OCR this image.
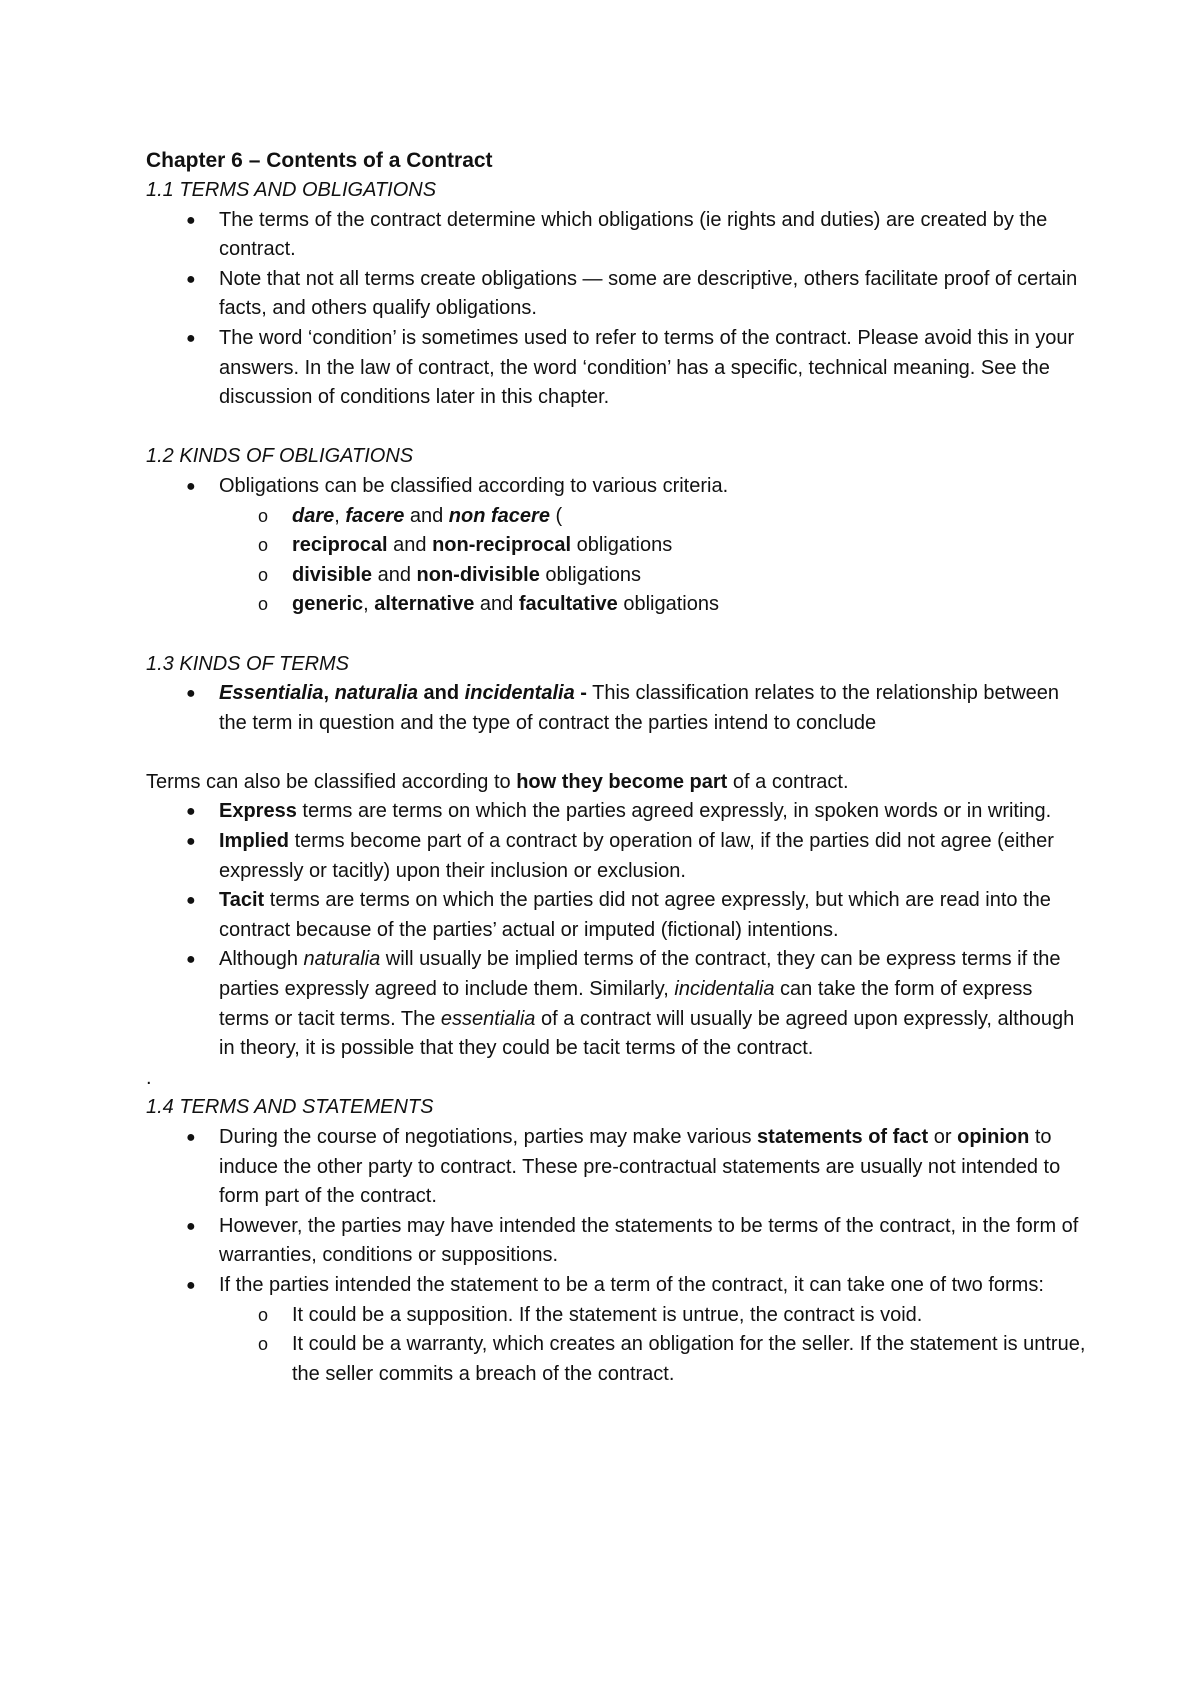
Chapter 6 – Contents of a Contract

1.1 TERMS AND OBLIGATIONS

● The terms of the contract determine which obligations (ie rights and duties) are created by the contract.
● Note that not all terms create obligations — some are descriptive, others facilitate proof of certain facts, and others qualify obligations.
● The word ‘condition’ is sometimes used to refer to terms of the contract. Please avoid this in your answers. In the law of contract, the word ‘condition’ has a specific, technical meaning. See the discussion of conditions later in this chapter.

1.2 KINDS OF OBLIGATIONS

● Obligations can be classified according to various criteria.
o dare, facere and non facere (
o reciprocal and non-reciprocal obligations
o divisible and non-divisible obligations
o generic, alternative and facultative obligations

1.3 KINDS OF TERMS

● Essentialia, naturalia and incidentalia - This classification relates to the relationship between the term in question and the type of contract the parties intend to conclude

Terms can also be classified according to how they become part of a contract.

● Express terms are terms on which the parties agreed expressly, in spoken words or in writing.
● Implied terms become part of a contract by operation of law, if the parties did not agree (either expressly or tacitly) upon their inclusion or exclusion.
● Tacit terms are terms on which the parties did not agree expressly, but which are read into the contract because of the parties’ actual or imputed (fictional) intentions.
● Although naturalia will usually be implied terms of the contract, they can be express terms if the parties expressly agreed to include them. Similarly, incidentalia can take the form of express terms or tacit terms. The essentialia of a contract will usually be agreed upon expressly, although in theory, it is possible that they could be tacit terms of the contract.

.

1.4 TERMS AND STATEMENTS

● During the course of negotiations, parties may make various statements of fact or opinion to induce the other party to contract. These pre-contractual statements are usually not intended to form part of the contract.
● However, the parties may have intended the statements to be terms of the contract, in the form of warranties, conditions or suppositions.
● If the parties intended the statement to be a term of the contract, it can take one of two forms:
o It could be a supposition. If the statement is untrue, the contract is void.
o It could be a warranty, which creates an obligation for the seller. If the statement is untrue, the seller commits a breach of the contract.
